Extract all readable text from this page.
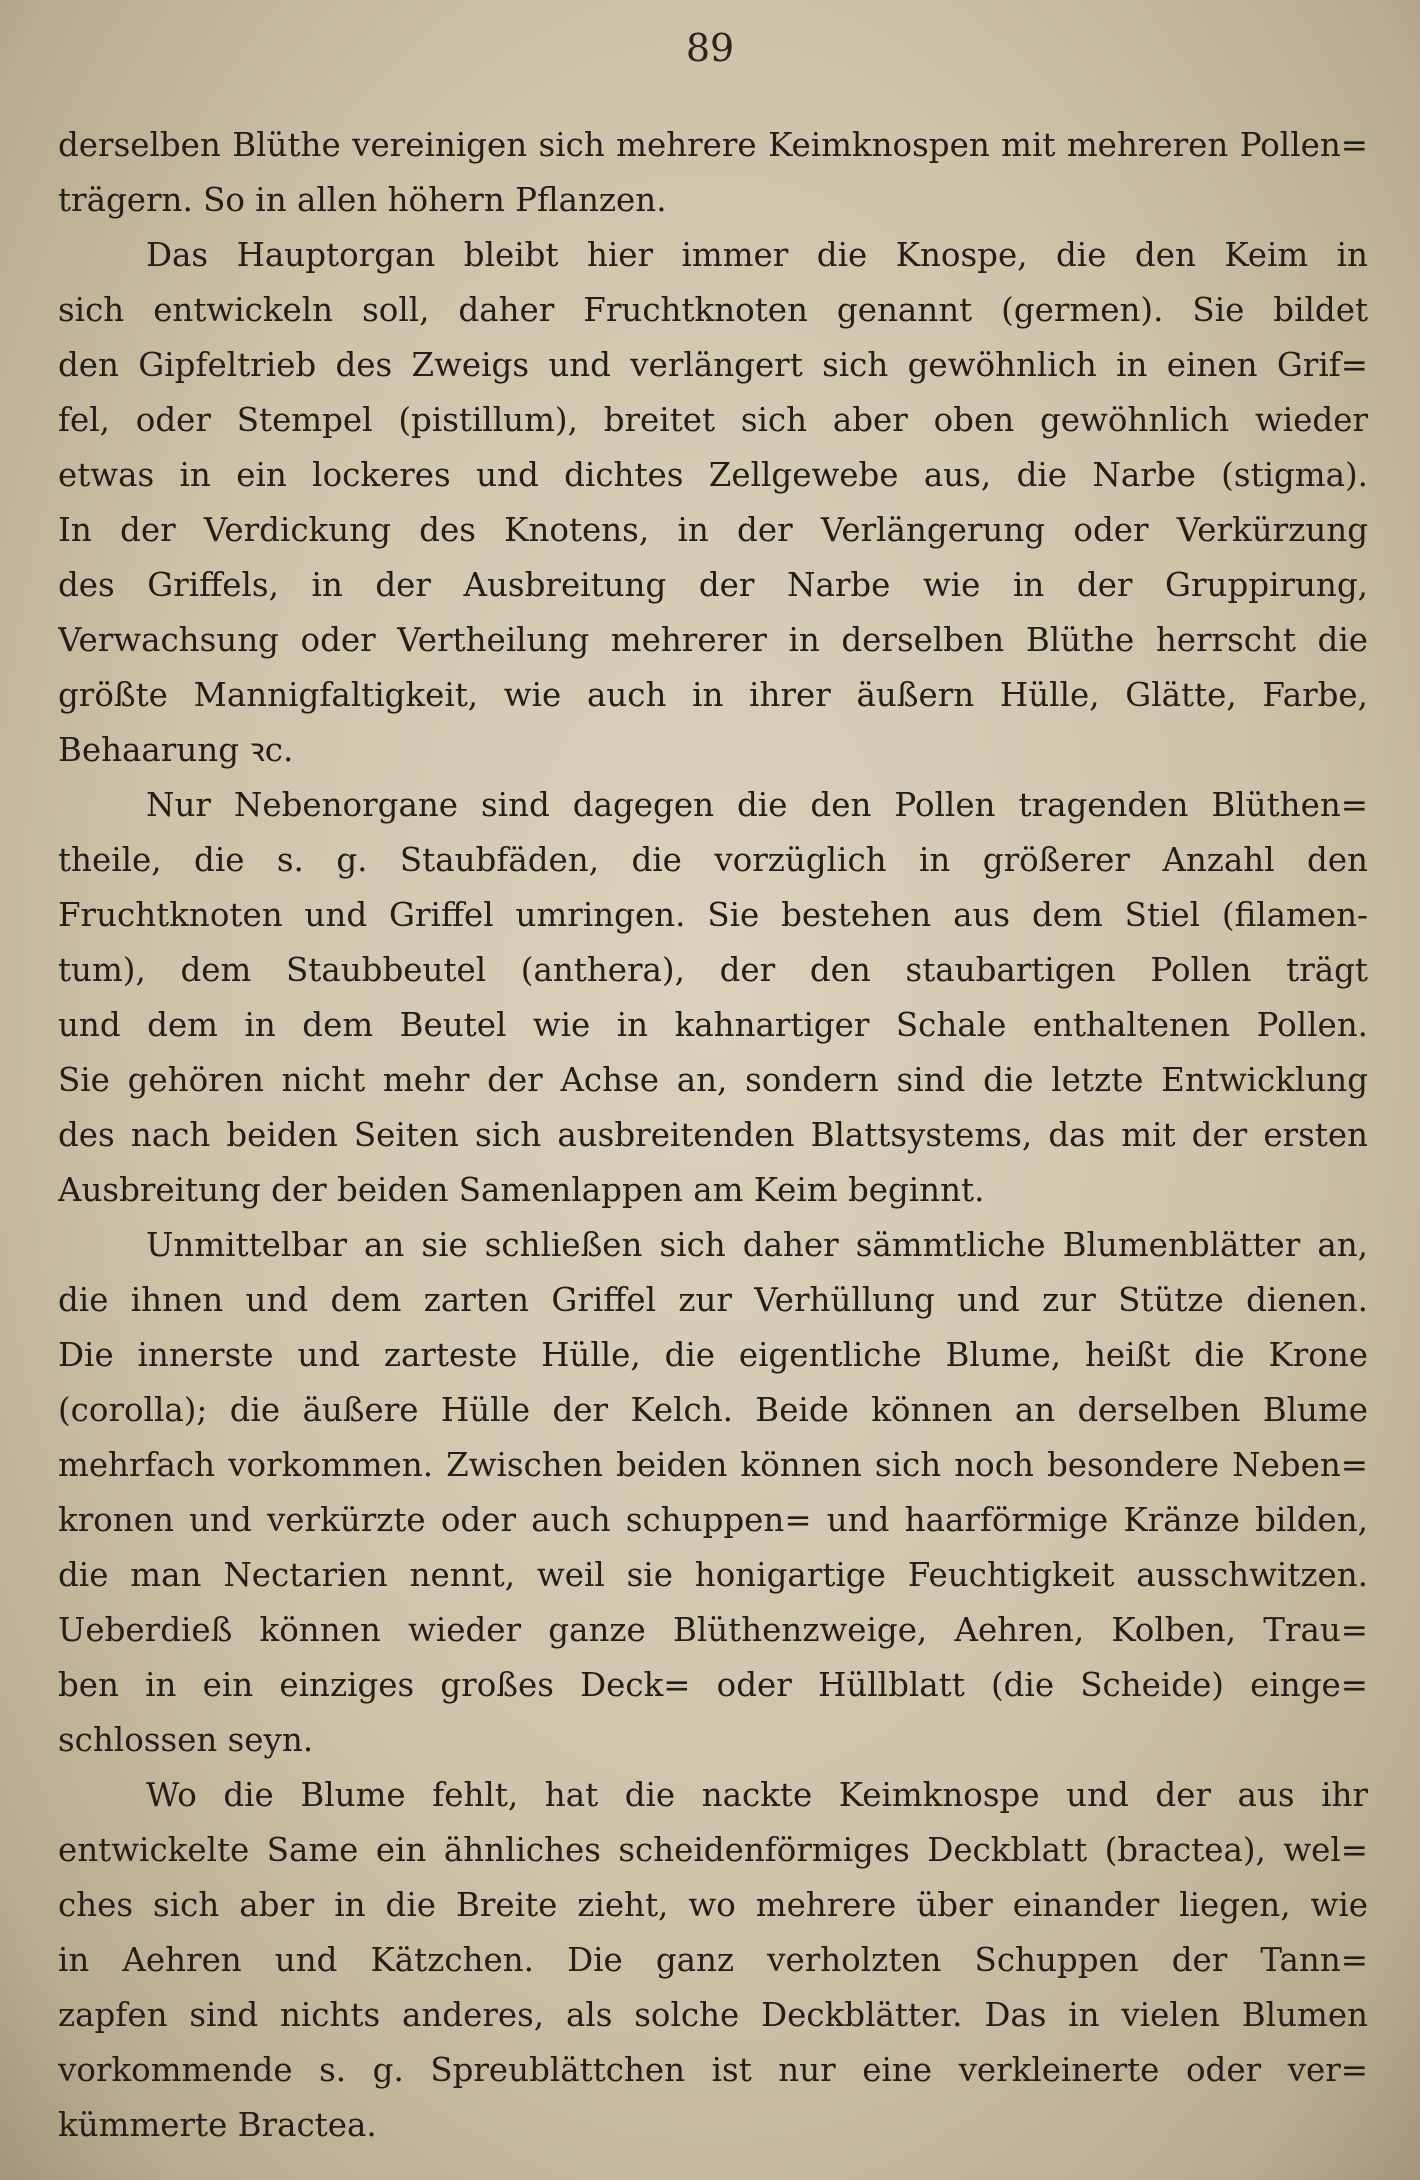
89
derselben Blüthe vereinigen sich mehrere Keimknospen mit mehreren Pollen=
trägern. So in allen höhern Pflanzen.
Das Hauptorgan bleibt hier immer die Knospe, die den Keim in
sich entwickeln soll, daher Fruchtknoten genannt (germen). Sie bildet
den Gipfeltrieb des Zweigs und verlängert sich gewöhnlich in einen Grif=
fel, oder Stempel (pistillum), breitet sich aber oben gewöhnlich wieder
etwas in ein lockeres und dichtes Zellgewebe aus, die Narbe (stigma).
In der Verdickung des Knotens, in der Verlängerung oder Verkürzung
des Griffels, in der Ausbreitung der Narbe wie in der Gruppirung,
Verwachsung oder Vertheilung mehrerer in derselben Blüthe herrscht die
größte Mannigfaltigkeit, wie auch in ihrer äußern Hülle, Glätte, Farbe,
Behaarung ꝛc.
Nur Nebenorgane sind dagegen die den Pollen tragenden Blüthen=
theile, die s. g. Staubfäden, die vorzüglich in größerer Anzahl den
Fruchtknoten und Griffel umringen. Sie bestehen aus dem Stiel (filamen-
tum), dem Staubbeutel (anthera), der den staubartigen Pollen trägt
und dem in dem Beutel wie in kahnartiger Schale enthaltenen Pollen.
Sie gehören nicht mehr der Achse an, sondern sind die letzte Entwicklung
des nach beiden Seiten sich ausbreitenden Blattsystems, das mit der ersten
Ausbreitung der beiden Samenlappen am Keim beginnt.
Unmittelbar an sie schließen sich daher sämmtliche Blumenblätter an,
die ihnen und dem zarten Griffel zur Verhüllung und zur Stütze dienen.
Die innerste und zarteste Hülle, die eigentliche Blume, heißt die Krone
(corolla); die äußere Hülle der Kelch. Beide können an derselben Blume
mehrfach vorkommen. Zwischen beiden können sich noch besondere Neben=
kronen und verkürzte oder auch schuppen= und haarförmige Kränze bilden,
die man Nectarien nennt, weil sie honigartige Feuchtigkeit ausschwitzen.
Ueberdieß können wieder ganze Blüthenzweige, Aehren, Kolben, Trau=
ben in ein einziges großes Deck= oder Hüllblatt (die Scheide) einge=
schlossen seyn.
Wo die Blume fehlt, hat die nackte Keimknospe und der aus ihr
entwickelte Same ein ähnliches scheidenförmiges Deckblatt (bractea), wel=
ches sich aber in die Breite zieht, wo mehrere über einander liegen, wie
in Aehren und Kätzchen. Die ganz verholzten Schuppen der Tann=
zapfen sind nichts anderes, als solche Deckblätter. Das in vielen Blumen
vorkommende s. g. Spreublättchen ist nur eine verkleinerte oder ver=
kümmerte Bractea.
